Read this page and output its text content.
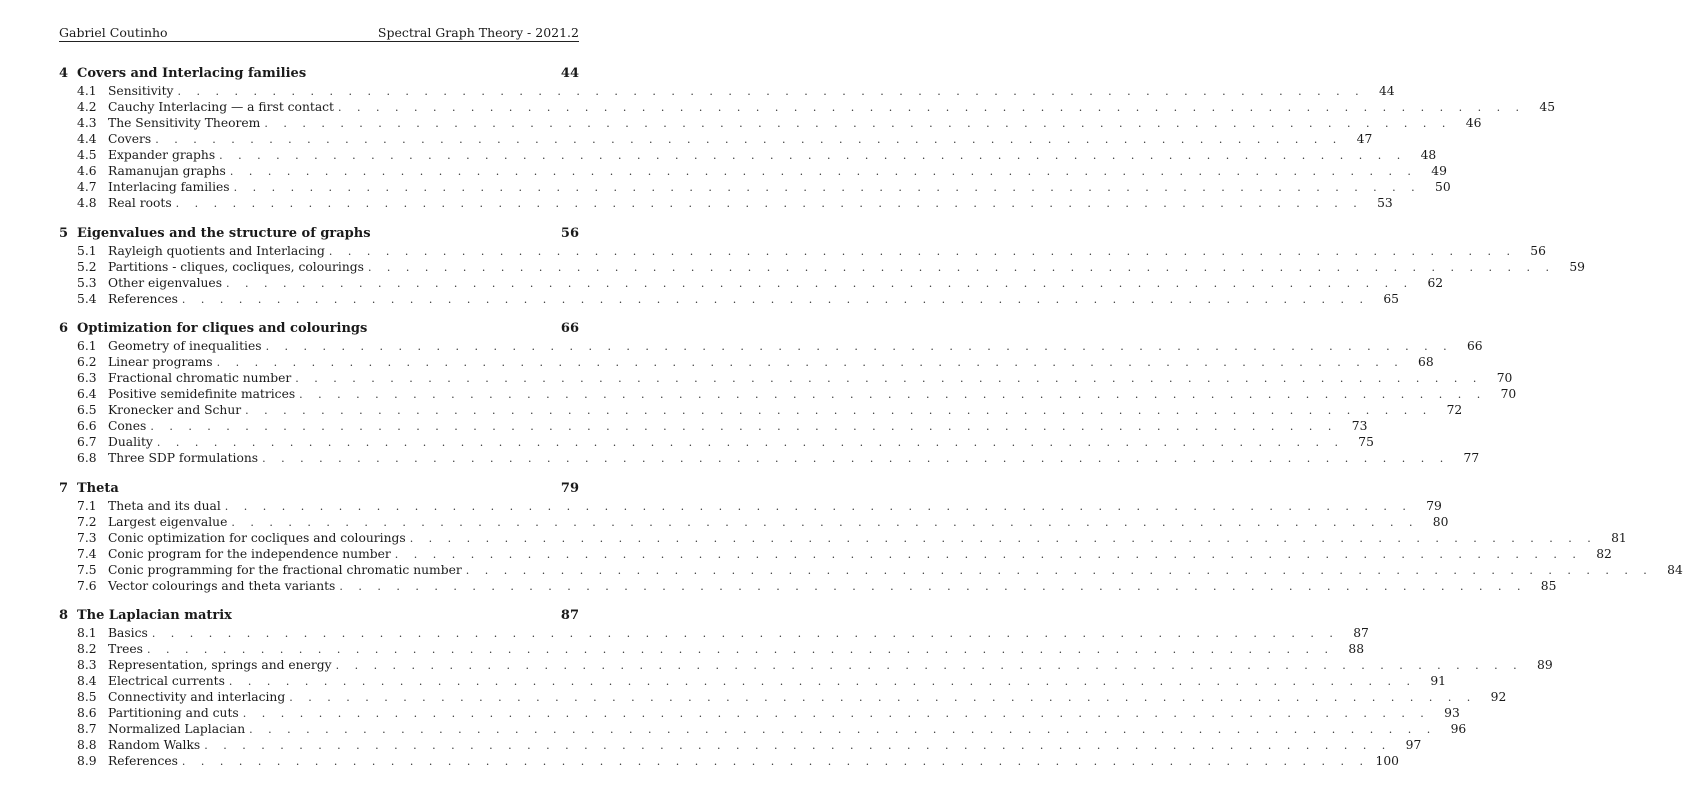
Gabriel Coutinho	Spectral Graph Theory - 2021.2
4 Covers and Interlacing families	44
4.1 Sensitivity . . . . . . . . . . . . . . . . . . . . . . . . . . . . . . . . . . . . . . . . . . . . . . . . . . . . . . . . . . . . . . .	44
4.2 Cauchy Interlacing — a first contact . . . . . . . . . . . . . . . . . . . . . . . . . . . . . . . . . . . . . . . . . . . . . . . . . . . . . . . . . . . . . . .	45
4.3 The Sensitivity Theorem . . . . . . . . . . . . . . . . . . . . . . . . . . . . . . . . . . . . . . . . . . . . . . . . . . . . . . . . . . . . . . .	46
4.4 Covers . . . . . . . . . . . . . . . . . . . . . . . . . . . . . . . . . . . . . . . . . . . . . . . . . . . . . . . . . . . . . . .	47
4.5 Expander graphs . . . . . . . . . . . . . . . . . . . . . . . . . . . . . . . . . . . . . . . . . . . . . . . . . . . . . . . . . . . . . . .	48
4.6 Ramanujan graphs . . . . . . . . . . . . . . . . . . . . . . . . . . . . . . . . . . . . . . . . . . . . . . . . . . . . . . . . . . . . . . .	49
4.7 Interlacing families . . . . . . . . . . . . . . . . . . . . . . . . . . . . . . . . . . . . . . . . . . . . . . . . . . . . . . . . . . . . . . .	50
4.8 Real roots . . . . . . . . . . . . . . . . . . . . . . . . . . . . . . . . . . . . . . . . . . . . . . . . . . . . . . . . . . . . . . .	53
5 Eigenvalues and the structure of graphs	56
5.1 Rayleigh quotients and Interlacing . . . . . . . . . . . . . . . . . . . . . . . . . . . . . . . . . . . . . . . . . . . . . . . . . . . . . . . . . . . . . . .	56
5.2 Partitions - cliques, cocliques, colourings . . . . . . . . . . . . . . . . . . . . . . . . . . . . . . . . . . . . . . . . . . . . . . . . . . . . . . . . . . . . . . .	59
5.3 Other eigenvalues . . . . . . . . . . . . . . . . . . . . . . . . . . . . . . . . . . . . . . . . . . . . . . . . . . . . . . . . . . . . . . .	62
5.4 References . . . . . . . . . . . . . . . . . . . . . . . . . . . . . . . . . . . . . . . . . . . . . . . . . . . . . . . . . . . . . . .	65
6 Optimization for cliques and colourings	66
6.1 Geometry of inequalities . . . . . . . . . . . . . . . . . . . . . . . . . . . . . . . . . . . . . . . . . . . . . . . . . . . . . . . . . . . . . . .	66
6.2 Linear programs . . . . . . . . . . . . . . . . . . . . . . . . . . . . . . . . . . . . . . . . . . . . . . . . . . . . . . . . . . . . . . .	68
6.3 Fractional chromatic number . . . . . . . . . . . . . . . . . . . . . . . . . . . . . . . . . . . . . . . . . . . . . . . . . . . . . . . . . . . . . . .	70
6.4 Positive semidefinite matrices . . . . . . . . . . . . . . . . . . . . . . . . . . . . . . . . . . . . . . . . . . . . . . . . . . . . . . . . . . . . . . .	70
6.5 Kronecker and Schur . . . . . . . . . . . . . . . . . . . . . . . . . . . . . . . . . . . . . . . . . . . . . . . . . . . . . . . . . . . . . . .	72
6.6 Cones . . . . . . . . . . . . . . . . . . . . . . . . . . . . . . . . . . . . . . . . . . . . . . . . . . . . . . . . . . . . . . .	73
6.7 Duality . . . . . . . . . . . . . . . . . . . . . . . . . . . . . . . . . . . . . . . . . . . . . . . . . . . . . . . . . . . . . . .	75
6.8 Three SDP formulations . . . . . . . . . . . . . . . . . . . . . . . . . . . . . . . . . . . . . . . . . . . . . . . . . . . . . . . . . . . . . . .	77
7 Theta	79
7.1 Theta and its dual . . . . . . . . . . . . . . . . . . . . . . . . . . . . . . . . . . . . . . . . . . . . . . . . . . . . . . . . . . . . . . .	79
7.2 Largest eigenvalue . . . . . . . . . . . . . . . . . . . . . . . . . . . . . . . . . . . . . . . . . . . . . . . . . . . . . . . . . . . . . . .	80
7.3 Conic optimization for cocliques and colourings . . . . . . . . . . . . . . . . . . . . . . . . . . . . . . . . . . . . . . . . . . . . . . . . . . . . . . . . . . . . . . .	81
7.4 Conic program for the independence number . . . . . . . . . . . . . . . . . . . . . . . . . . . . . . . . . . . . . . . . . . . . . . . . . . . . . . . . . . . . . . .	82
7.5 Conic programming for the fractional chromatic number . . . . . . . . . . . . . . . . . . . . . . . . . . . . . . . . . . . . . . . . . . . . . . . . . . . . . . . . . . . . . . .	84
7.6 Vector colourings and theta variants . . . . . . . . . . . . . . . . . . . . . . . . . . . . . . . . . . . . . . . . . . . . . . . . . . . . . . . . . . . . . . .	85
8 The Laplacian matrix	87
8.1 Basics . . . . . . . . . . . . . . . . . . . . . . . . . . . . . . . . . . . . . . . . . . . . . . . . . . . . . . . . . . . . . . .	87
8.2 Trees . . . . . . . . . . . . . . . . . . . . . . . . . . . . . . . . . . . . . . . . . . . . . . . . . . . . . . . . . . . . . . .	88
8.3 Representation, springs and energy . . . . . . . . . . . . . . . . . . . . . . . . . . . . . . . . . . . . . . . . . . . . . . . . . . . . . . . . . . . . . . .	89
8.4 Electrical currents . . . . . . . . . . . . . . . . . . . . . . . . . . . . . . . . . . . . . . . . . . . . . . . . . . . . . . . . . . . . . . .	91
8.5 Connectivity and interlacing . . . . . . . . . . . . . . . . . . . . . . . . . . . . . . . . . . . . . . . . . . . . . . . . . . . . . . . . . . . . . . .	92
8.6 Partitioning and cuts . . . . . . . . . . . . . . . . . . . . . . . . . . . . . . . . . . . . . . . . . . . . . . . . . . . . . . . . . . . . . . .	93
8.7 Normalized Laplacian . . . . . . . . . . . . . . . . . . . . . . . . . . . . . . . . . . . . . . . . . . . . . . . . . . . . . . . . . . . . . . .	96
8.8 Random Walks . . . . . . . . . . . . . . . . . . . . . . . . . . . . . . . . . . . . . . . . . . . . . . . . . . . . . . . . . . . . . . .	97
8.9 References . . . . . . . . . . . . . . . . . . . . . . . . . . . . . . . . . . . . . . . . . . . . . . . . . . . . . . . . . . . . . . . 100
